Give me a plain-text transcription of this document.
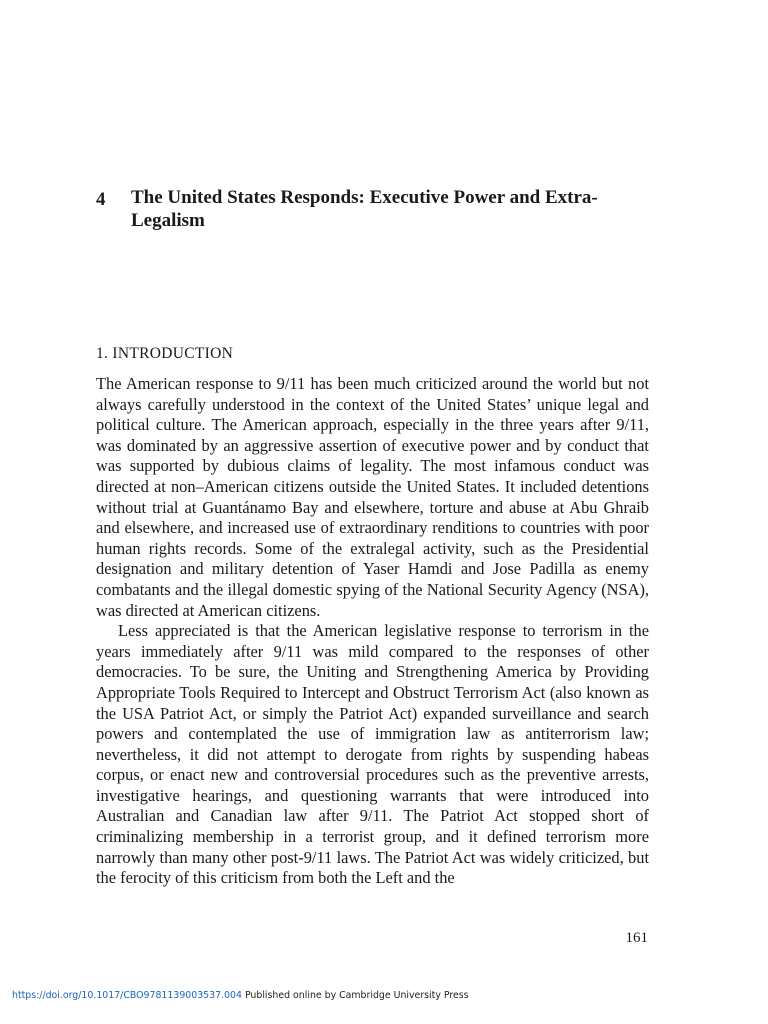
4 The United States Responds: Executive Power and Extra-Legalism
1. INTRODUCTION

The American response to 9/11 has been much criticized around the world but not always carefully understood in the context of the United States’ unique legal and political culture. The American approach, especially in the three years after 9/11, was dominated by an aggressive assertion of executive power and by conduct that was supported by dubious claims of legality. The most infamous conduct was directed at non–American citizens outside the United States. It included detentions without trial at Guantánamo Bay and elsewhere, torture and abuse at Abu Ghraib and elsewhere, and increased use of extraordinary renditions to countries with poor human rights records. Some of the extralegal activity, such as the Presidential designation and military detention of Yaser Hamdi and Jose Padilla as enemy combatants and the illegal domestic spying of the National Security Agency (NSA), was directed at American citizens.

Less appreciated is that the American legislative response to terrorism in the years immediately after 9/11 was mild compared to the responses of other democracies. To be sure, the Uniting and Strengthening America by Providing Appropriate Tools Required to Intercept and Obstruct Terrorism Act (also known as the USA Patriot Act, or simply the Patriot Act) expanded surveillance and search powers and contemplated the use of immigration law as antiterrorism law; nevertheless, it did not attempt to derogate from rights by suspending habeas corpus, or enact new and controversial procedures such as the preventive arrests, investigative hearings, and questioning warrants that were introduced into Australian and Canadian law after 9/11. The Patriot Act stopped short of criminalizing membership in a terrorist group, and it defined terrorism more narrowly than many other post-9/11 laws. The Patriot Act was widely criticized, but the ferocity of this criticism from both the Left and the

161
https://doi.org/10.1017/CBO9781139003537.004 Published online by Cambridge University Press
